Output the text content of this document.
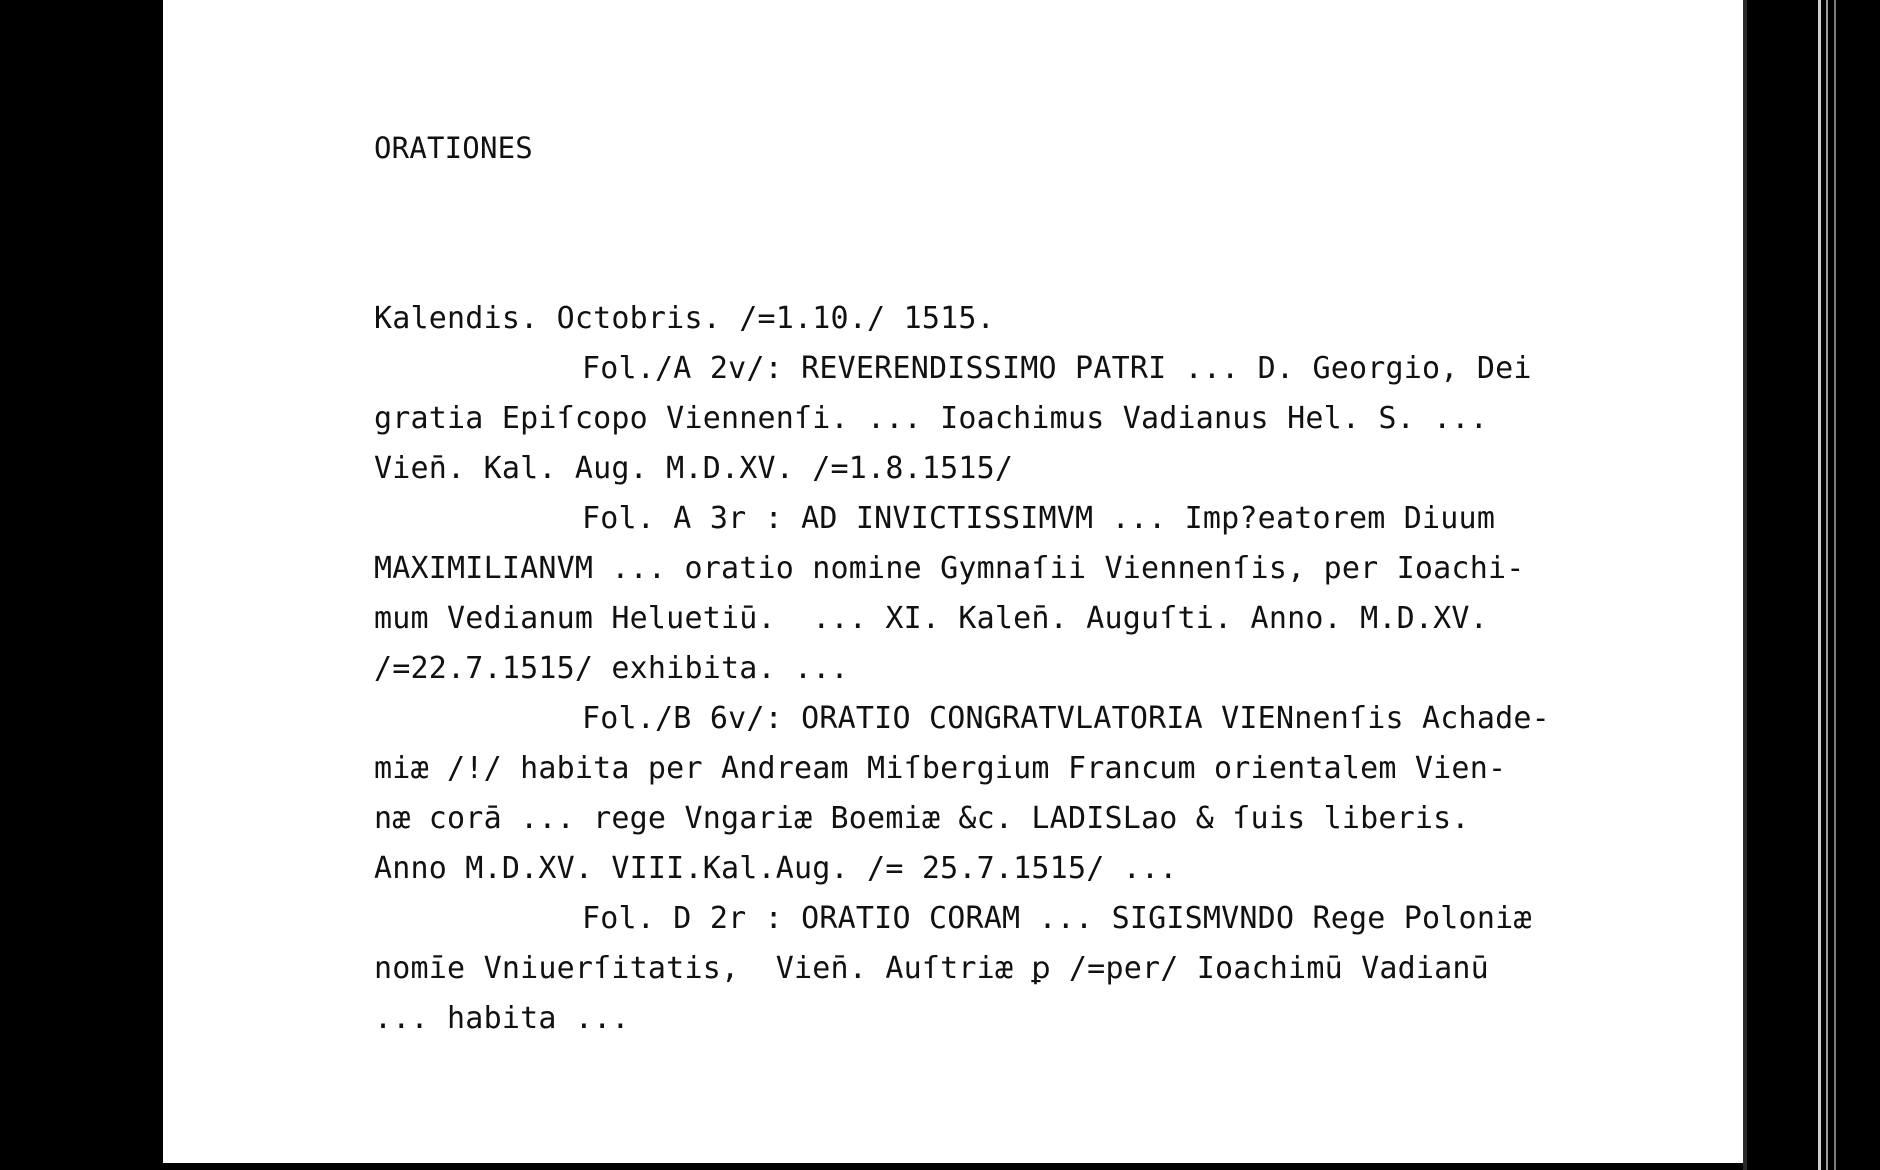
ORATIONES
Kalendis. Octobris. /=1.10./ 1515.
Fol./A 2v/: REVERENDISSIMO PATRI ... D. Georgio, Dei
gratia Epiſcopo Viennenſi. ... Ioachimus Vadianus Hel. S. ...
Vien̄. Kal. Aug. M.D.XV. /=1.8.1515/
Fol. A 3r : AD INVICTISSIMVM ... Imp?eatorem Diuum
MAXIMILIANVM ... oratio nomine Gymnaſii Viennenſis, per Ioachi-
mum Vedianum Heluetiū.  ... XI. Kalen̄. Auguſti. Anno. M.D.XV.
/=22.7.1515/ exhibita. ...
Fol./B 6v/: ORATIO CONGRATVLATORIA VIENnenſis Achade-
miæ /!/ habita per Andream Miſbergium Francum orientalem Vien-
næ corā ... rege Vngariæ Boemiæ &c. LADISLao & ſuis liberis.
Anno M.D.XV. VIII.Kal.Aug. /= 25.7.1515/ ...
Fol. D 2r : ORATIO CORAM ... SIGISMVNDO Rege Poloniæ
nomīe Vniuerſitatis,  Vien̄. Auſtriæ ꝑ /=per/ Ioachimū Vadianū
... habita ...
